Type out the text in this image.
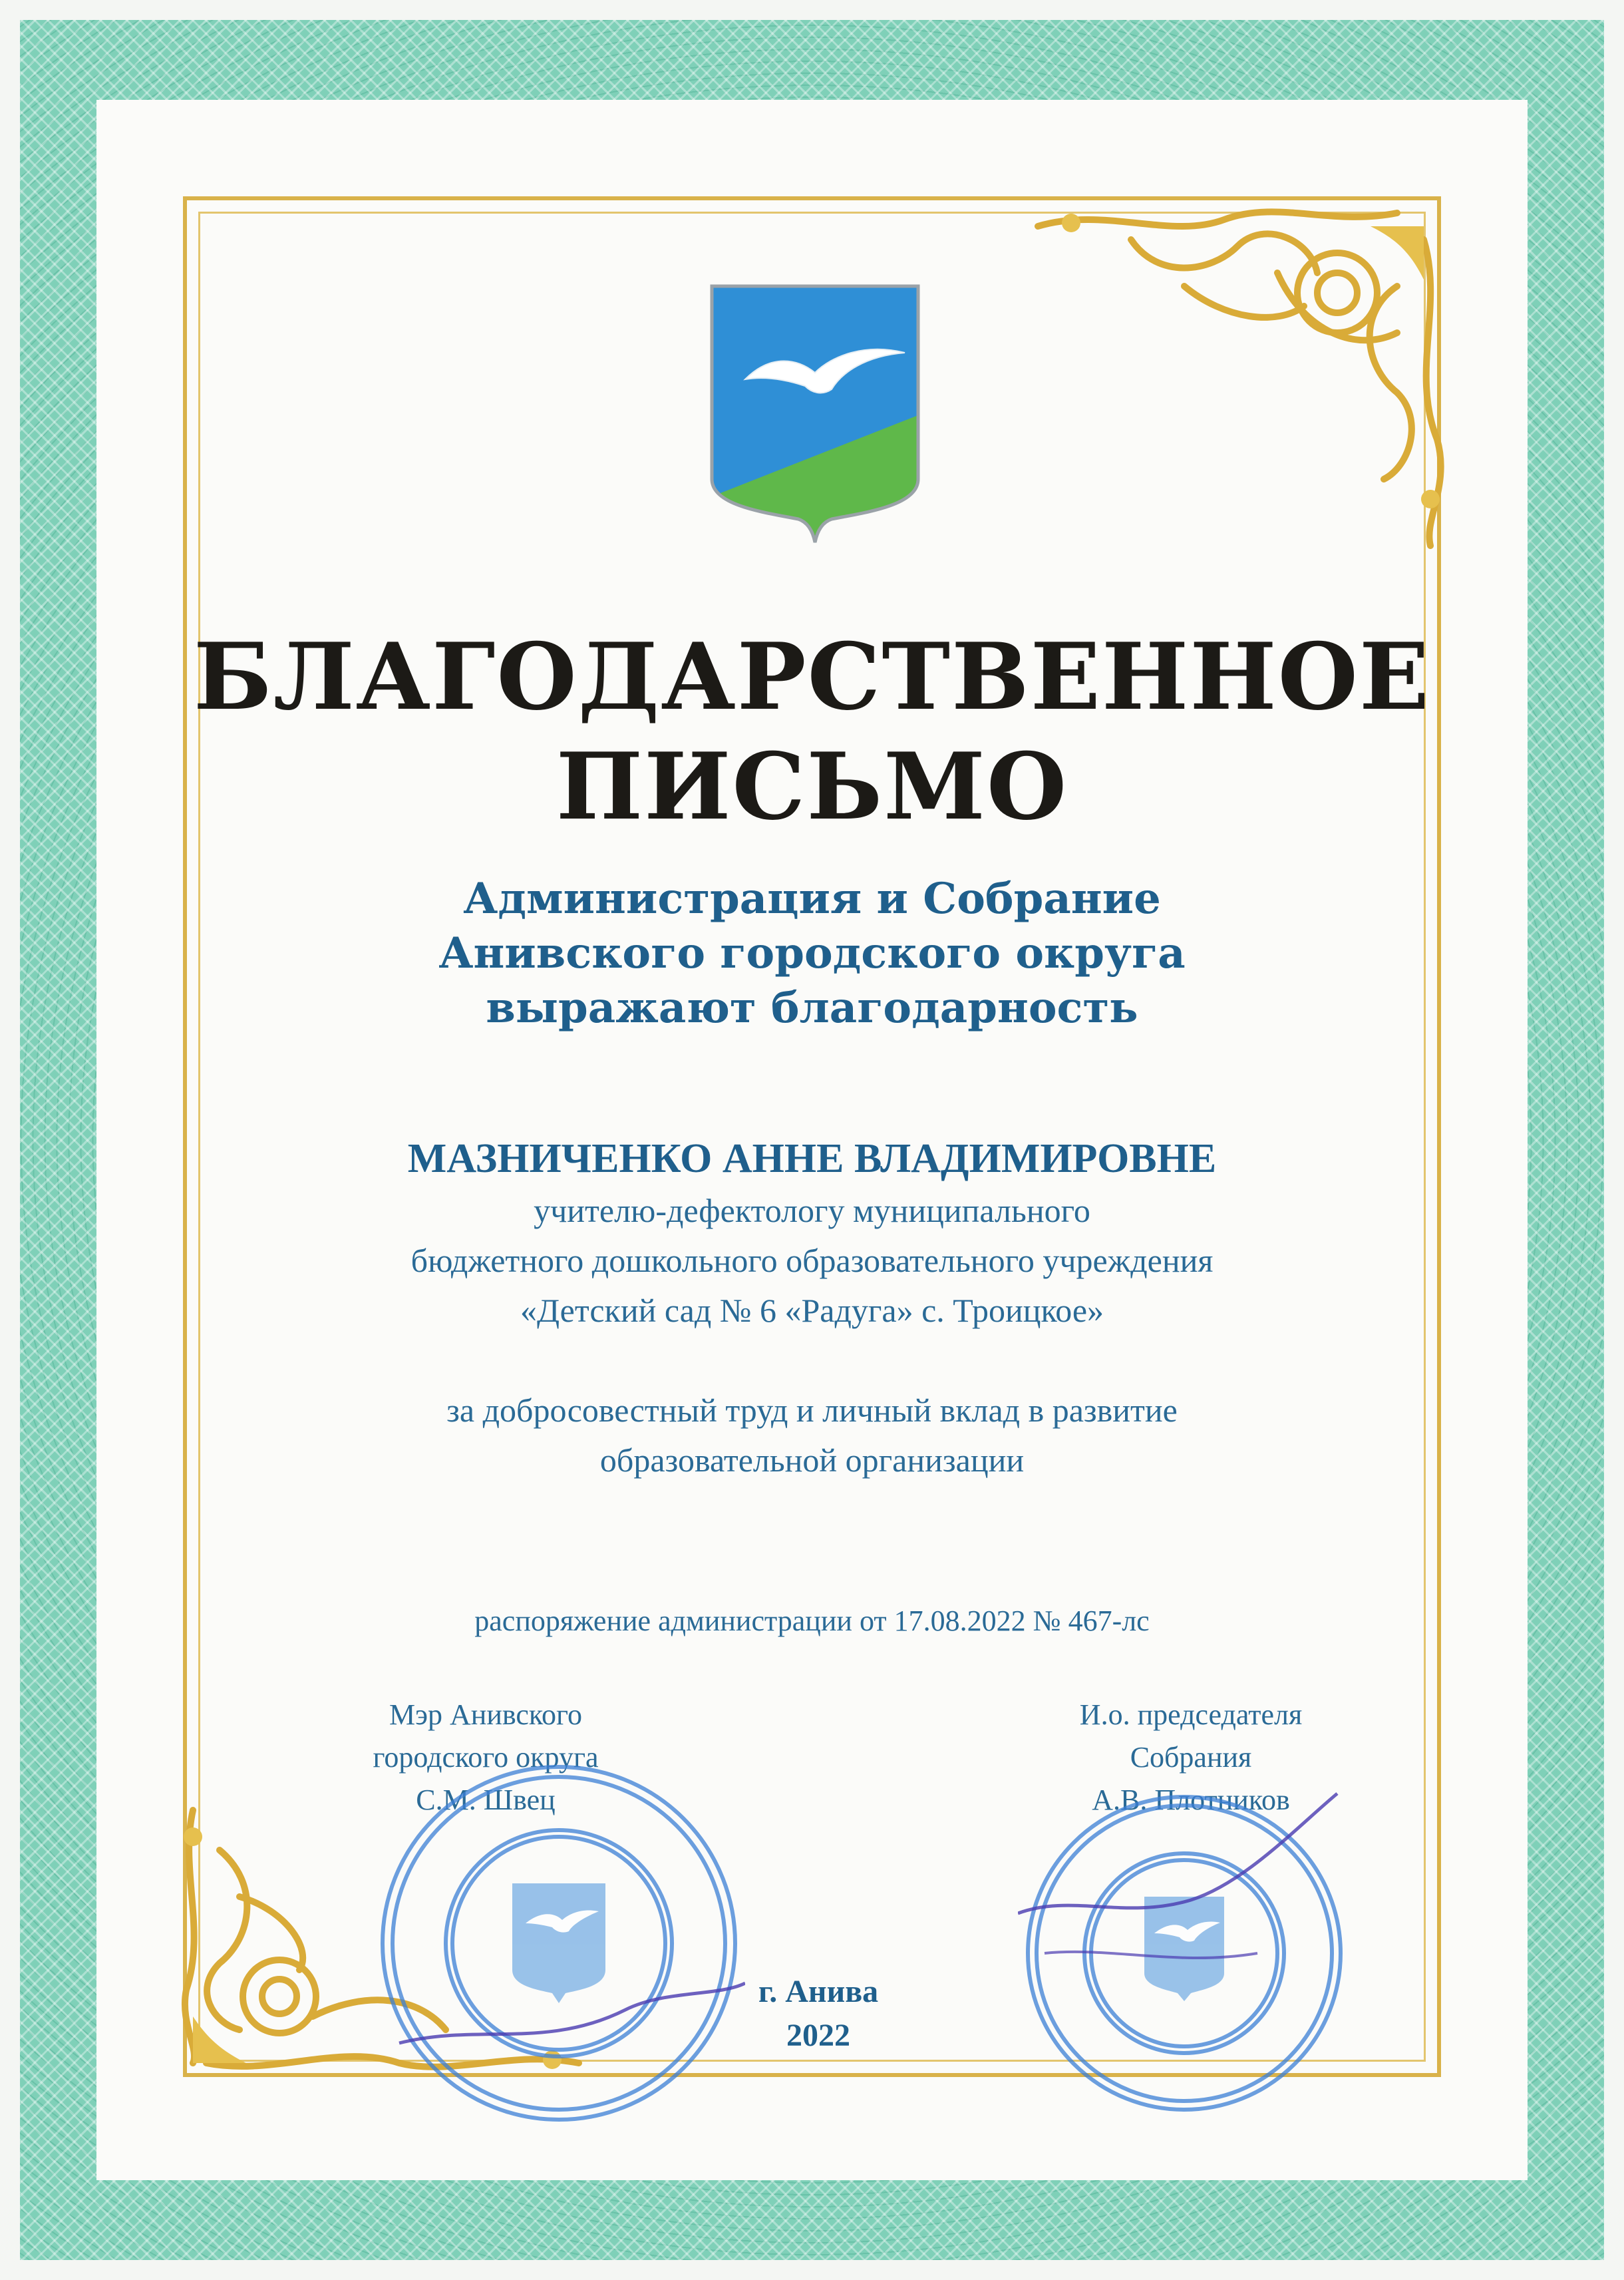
БЛАГОДАРСТВЕННОЕ
ПИСЬМО
Администрация и Собрание
Анивского городского округа
выражают благодарность
МАЗНИЧЕНКО АННЕ ВЛАДИМИРОВНЕ
учителю-дефектологу муниципального
бюджетного дошкольного образовательного учреждения
«Детский сад № 6 «Радуга» с. Троицкое»
за добросовестный труд и личный вклад в развитие
образовательной организации
распоряжение администрации от 17.08.2022 № 467-лс
Мэр Анивского
городского округа
С.М. Швец
И.о. председателя
Собрания
А.В. Плотников
г. Анива
2022
